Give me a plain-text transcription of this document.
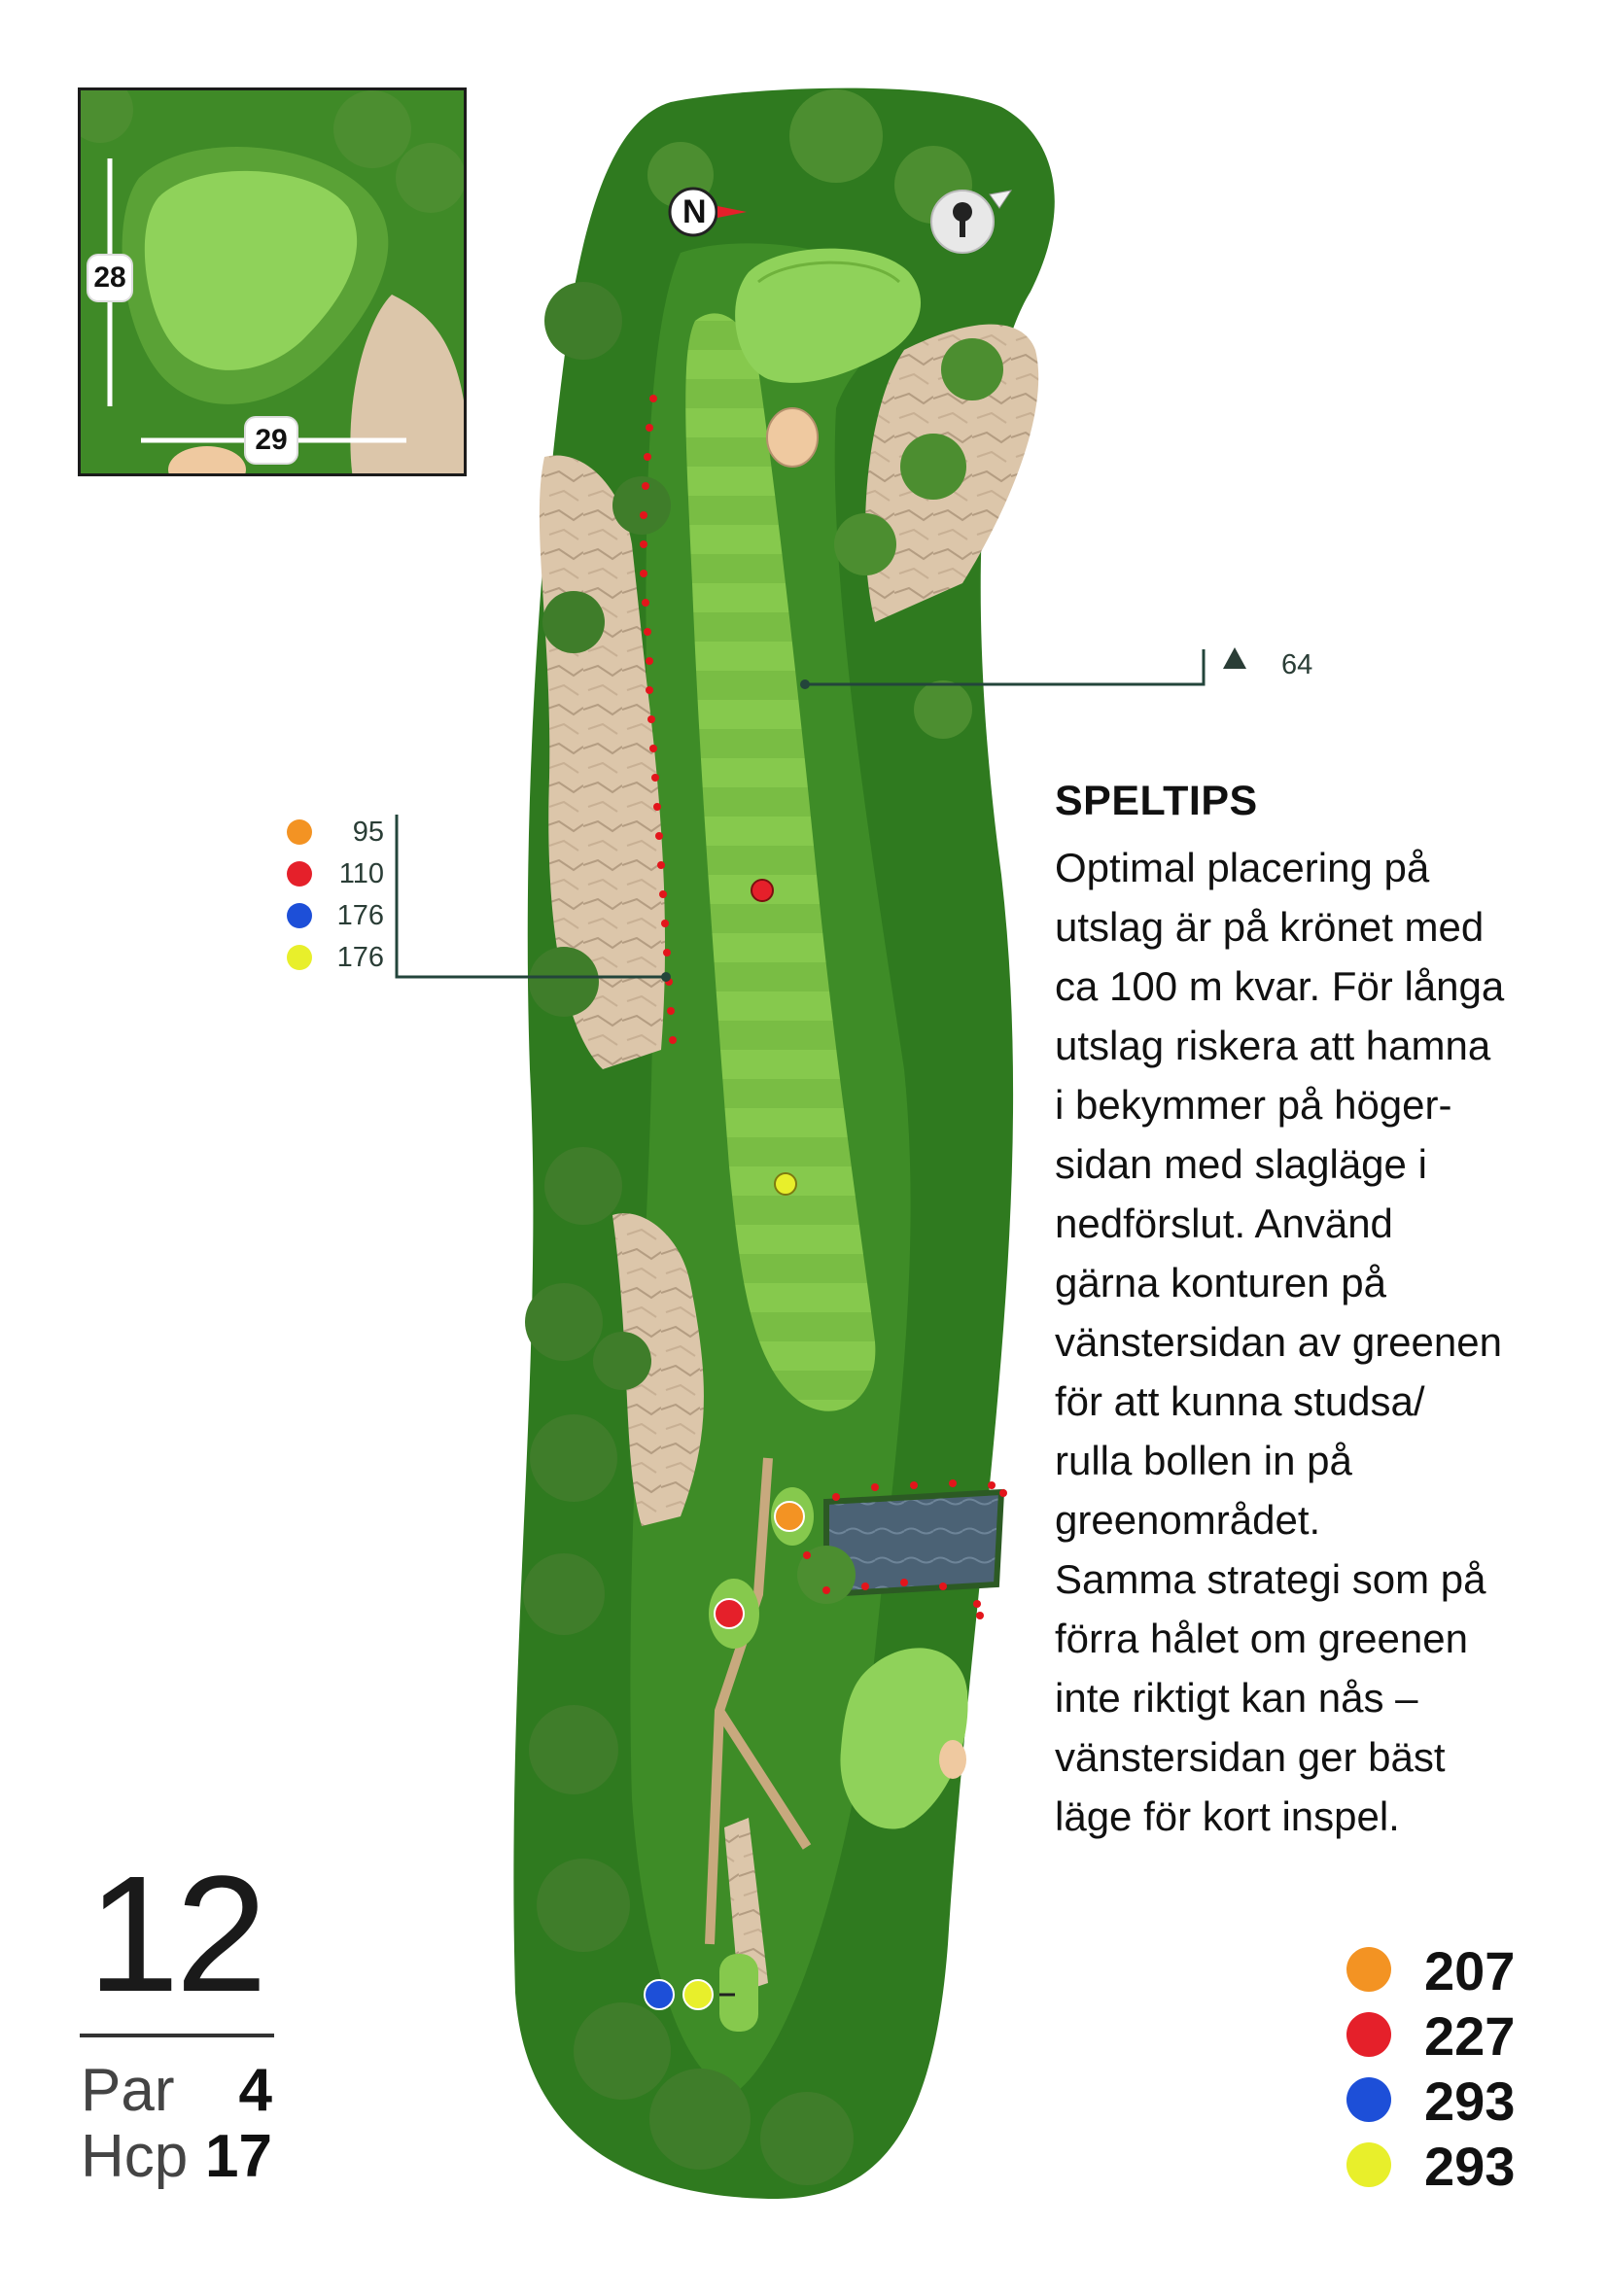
N
28
29
95
110
176
176
64
SPELTIPS
Optimal placering på
utslag är på krönet med
ca 100 m kvar. För långa
utslag riskera att hamna
i bekymmer på höger-
sidan med slagläge i
nedförslut. Använd
gärna konturen på
vänstersidan av greenen
för att kunna studsa/
rulla bollen in på
greenområdet.
Samma strategi som på
förra hålet om greenen
inte riktigt kan nås –
vänstersidan ger bäst
läge för kort inspel.
12
Par	4
Hcp 17
207
227
293
293
